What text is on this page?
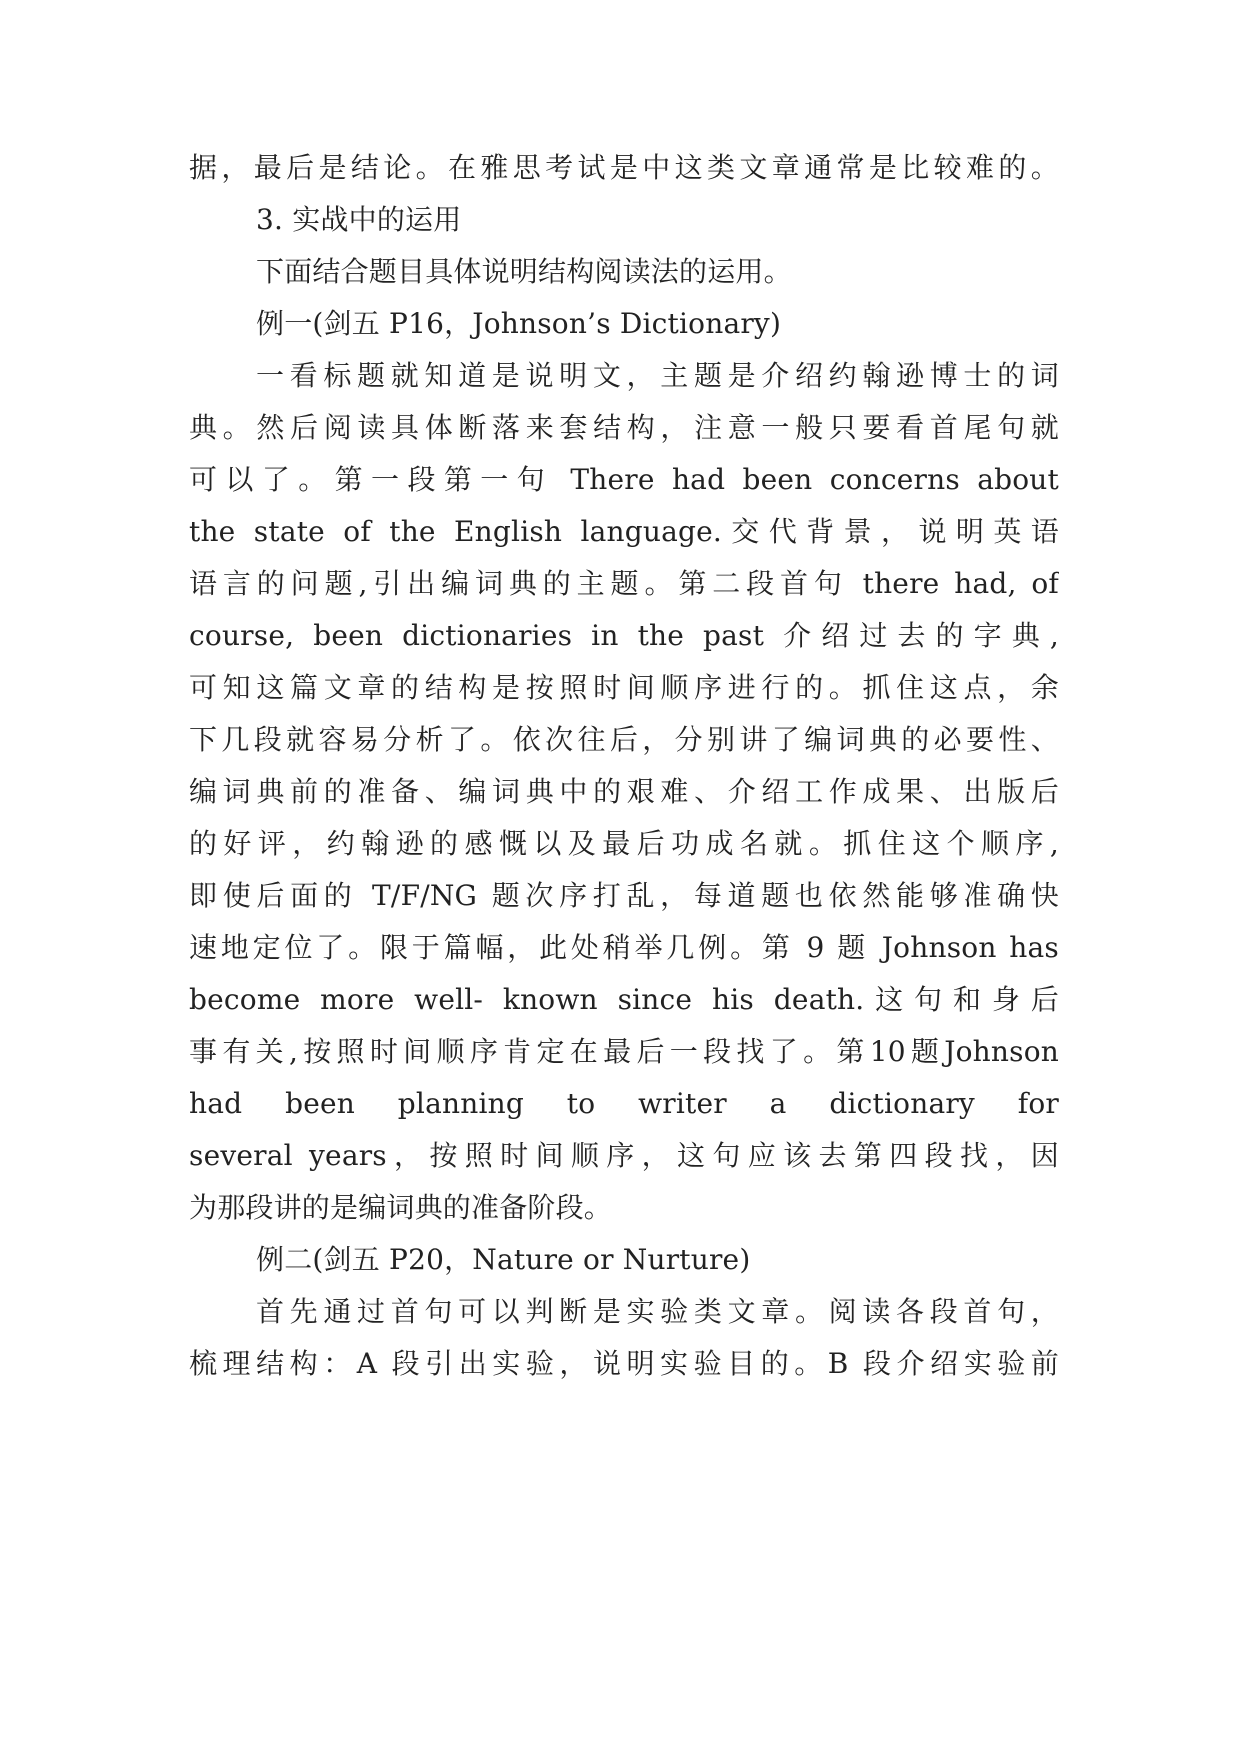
据，最后是结论。在雅思考试是中这类文章通常是比较难的。
3. 实战中的运用
下面结合题目具体说明结构阅读法的运用。
例一(剑五 P16，Johnson’s Dictionary)
一看标题就知道是说明文，主题是介绍约翰逊博士的词
典。然后阅读具体断落来套结构，注意一般只要看首尾句就
可以了。第一段第一句 There had been concerns about
the state of the English language.交代背景，说明英语
语言的问题,引出编词典的主题。第二段首句 there had, of
course, been dictionaries in the past 介绍过去的字典,
可知这篇文章的结构是按照时间顺序进行的。抓住这点，余
下几段就容易分析了。依次往后，分别讲了编词典的必要性、
编词典前的准备、编词典中的艰难、介绍工作成果、出版后
的好评，约翰逊的感慨以及最后功成名就。抓住这个顺序,
即使后面的 T/F/NG 题次序打乱，每道题也依然能够准确快
速地定位了。限于篇幅，此处稍举几例。第 9 题 Johnson has
become more well- known since his death.这句和身后
事有关,按照时间顺序肯定在最后一段找了。第10题Johnson
had been planning to writer a dictionary for
several years，按照时间顺序，这句应该去第四段找，因
为那段讲的是编词典的准备阶段。
例二(剑五 P20，Nature or Nurture)
首先通过首句可以判断是实验类文章。阅读各段首句，
梳理结构：A 段引出实验，说明实验目的。B 段介绍实验前
